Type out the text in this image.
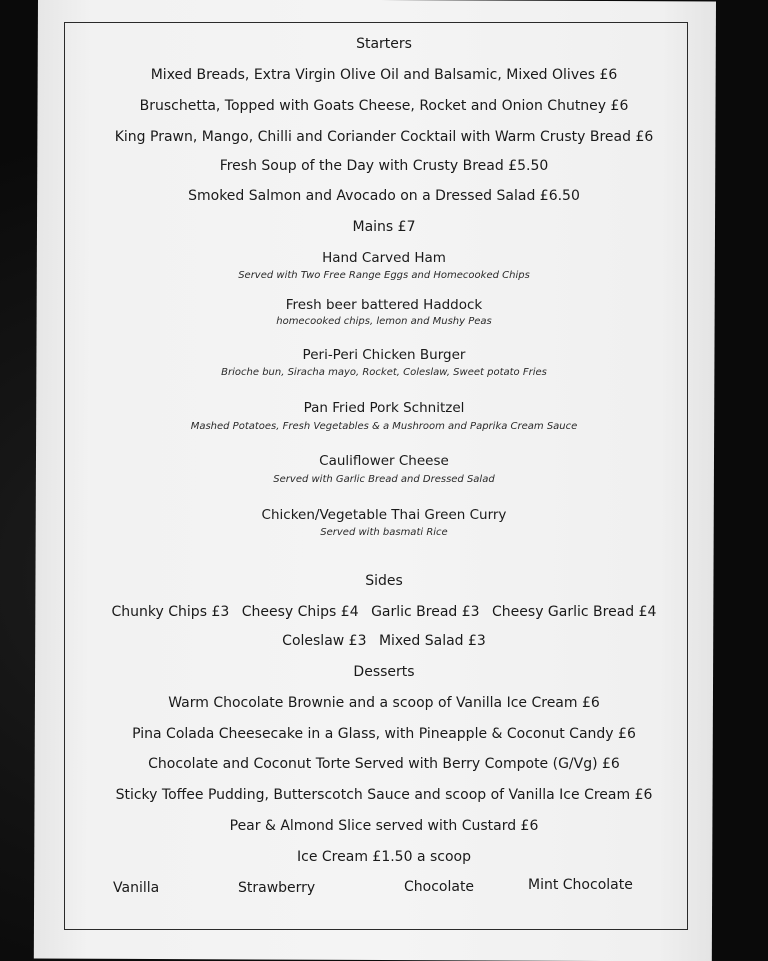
Starters
Mixed Breads, Extra Virgin Olive Oil and Balsamic, Mixed Olives £6
Bruschetta, Topped with Goats Cheese, Rocket and Onion Chutney £6
King Prawn, Mango, Chilli and Coriander Cocktail with Warm Crusty Bread £6
Fresh Soup of the Day with Crusty Bread £5.50
Smoked Salmon and Avocado on a Dressed Salad £6.50
Mains £7
Hand Carved Ham
Served with Two Free Range Eggs and Homecooked Chips
Fresh beer battered Haddock
homecooked chips, lemon and Mushy Peas
Peri-Peri Chicken Burger
Brioche bun, Siracha mayo, Rocket, Coleslaw, Sweet potato Fries
Pan Fried Pork Schnitzel
Mashed Potatoes, Fresh Vegetables & a Mushroom and Paprika Cream Sauce
Cauliflower Cheese
Served with Garlic Bread and Dressed Salad
Chicken/Vegetable Thai Green Curry
Served with basmati Rice
Sides
Chunky Chips £3 Cheesy Chips £4 Garlic Bread £3 Cheesy Garlic Bread £4
Coleslaw £3 Mixed Salad £3
Desserts
Warm Chocolate Brownie and a scoop of Vanilla Ice Cream £6
Pina Colada Cheesecake in a Glass, with Pineapple & Coconut Candy £6
Chocolate and Coconut Torte Served with Berry Compote (G/Vg) £6
Sticky Toffee Pudding, Butterscotch Sauce and scoop of Vanilla Ice Cream £6
Pear & Almond Slice served with Custard £6
Ice Cream £1.50 a scoop
Vanilla	Strawberry	Chocolate	Mint Chocolate
